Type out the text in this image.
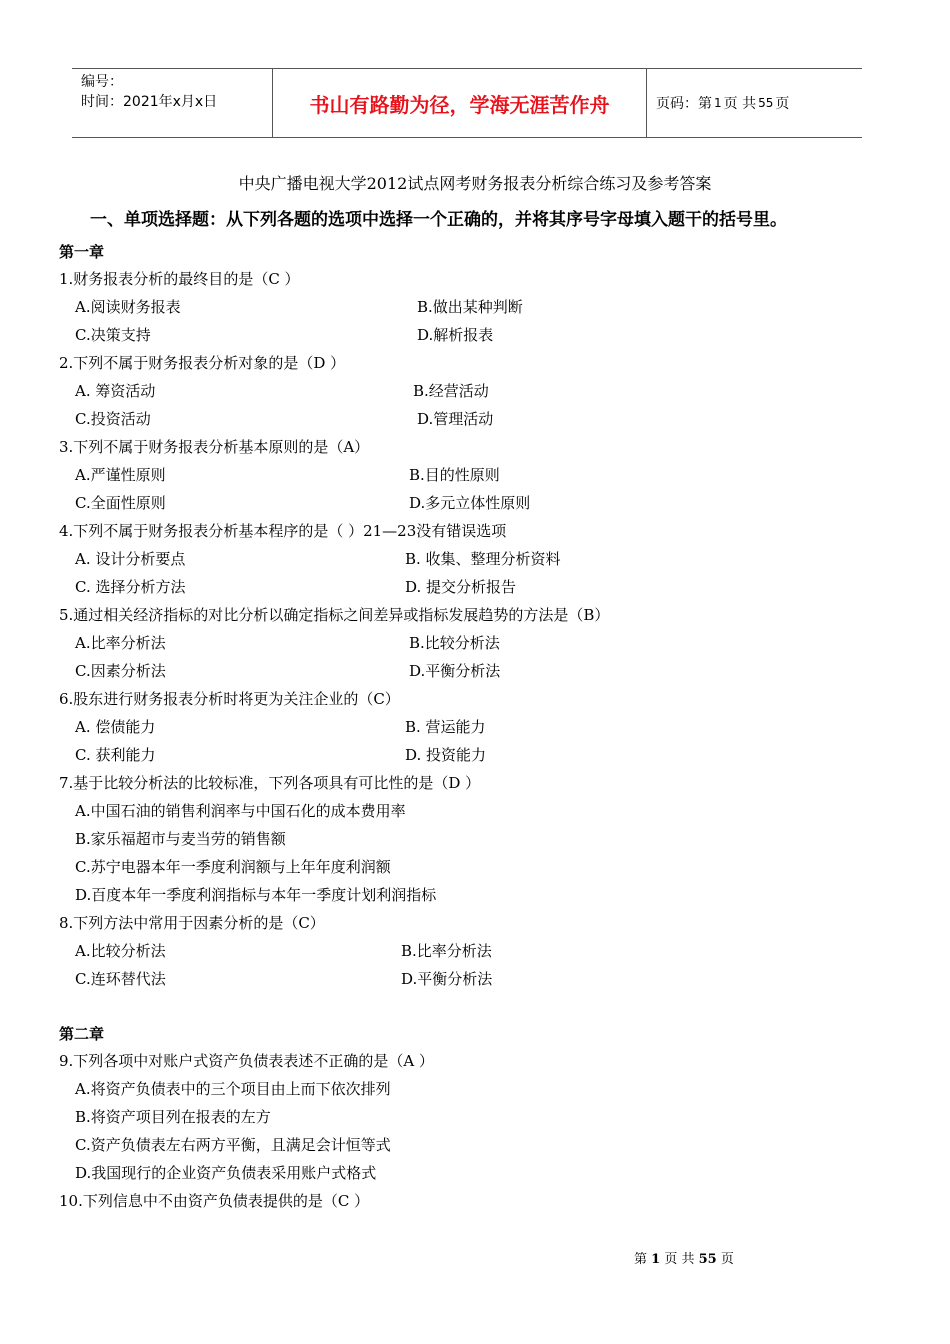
编号：
时间：2021年x月x日	书山有路勤为径，学海无涯苦作舟	页码：第 1 页 共 55 页
中央广播电视大学2012试点网考财务报表分析综合练习及参考答案
一、单项选择题：从下列各题的选项中选择一个正确的，并将其序号字母填入题干的括号里。
第一章
1.财务报表分析的最终目的是（C ）
A.阅读财务报表	B.做出某种判断
C.决策支持	D.解析报表
2.下列不属于财务报表分析对象的是（D ）
A. 筹资活动	B.经营活动
C.投资活动	D.管理活动
3.下列不属于财务报表分析基本原则的是（A）
A.严谨性原则	B.目的性原则
C.全面性原则	D.多元立体性原则
4.下列不属于财务报表分析基本程序的是（ ）21—23没有错误选项
A. 设计分析要点	B. 收集、整理分析资料
C. 选择分析方法	D. 提交分析报告
5.通过相关经济指标的对比分析以确定指标之间差异或指标发展趋势的方法是（B）
A.比率分析法	B.比较分析法
C.因素分析法	D.平衡分析法
6.股东进行财务报表分析时将更为关注企业的（C）
A. 偿债能力	B. 营运能力
C. 获利能力	D. 投资能力
7.基于比较分析法的比较标准，下列各项具有可比性的是（D ）
A.中国石油的销售利润率与中国石化的成本费用率
B.家乐福超市与麦当劳的销售额
C.苏宁电器本年一季度利润额与上年年度利润额
D.百度本年一季度利润指标与本年一季度计划利润指标
8.下列方法中常用于因素分析的是（C）
A.比较分析法	B.比率分析法
C.连环替代法	D.平衡分析法
第二章
9.下列各项中对账户式资产负债表表述不正确的是（A ）
A.将资产负债表中的三个项目由上而下依次排列
B.将资产项目列在报表的左方
C.资产负债表左右两方平衡，且满足会计恒等式
D.我国现行的企业资产负债表采用账户式格式
10.下列信息中不由资产负债表提供的是（C ）
第 1 页 共 55 页
